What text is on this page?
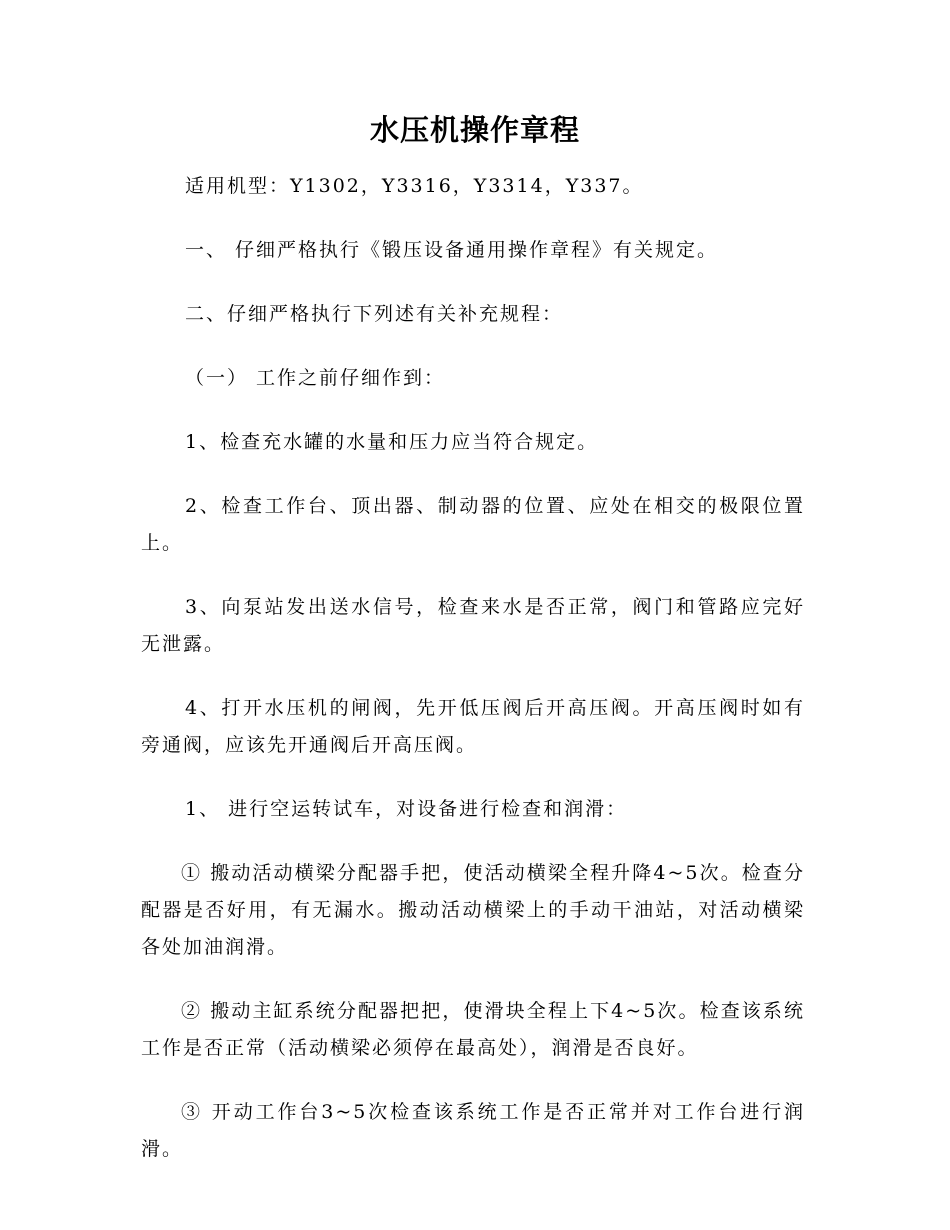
水压机操作章程

适用机型：Y1302，Y3316，Y3314，Y337。

一、 仔细严格执行《锻压设备通用操作章程》有关规定。

二、仔细严格执行下列述有关补充规程：

（一） 工作之前仔细作到：

1、检查充水罐的水量和压力应当符合规定。

2、检查工作台、顶出器、制动器的位置、应处在相交的极限位置上。

3、向泵站发出送水信号，检查来水是否正常，阀门和管路应完好无泄露。

4、打开水压机的闸阀，先开低压阀后开高压阀。开高压阀时如有旁通阀，应该先开通阀后开高压阀。

1、 进行空运转试车，对设备进行检查和润滑：

① 搬动活动横梁分配器手把，使活动横梁全程升降4~5次。检查分配器是否好用，有无漏水。搬动活动横梁上的手动干油站，对活动横梁各处加油润滑。

② 搬动主缸系统分配器把把，使滑块全程上下4~5次。检查该系统工作是否正常（活动横梁必须停在最高处），润滑是否良好。

③ 开动工作台3~5次检查该系统工作是否正常并对工作台进行润滑。
